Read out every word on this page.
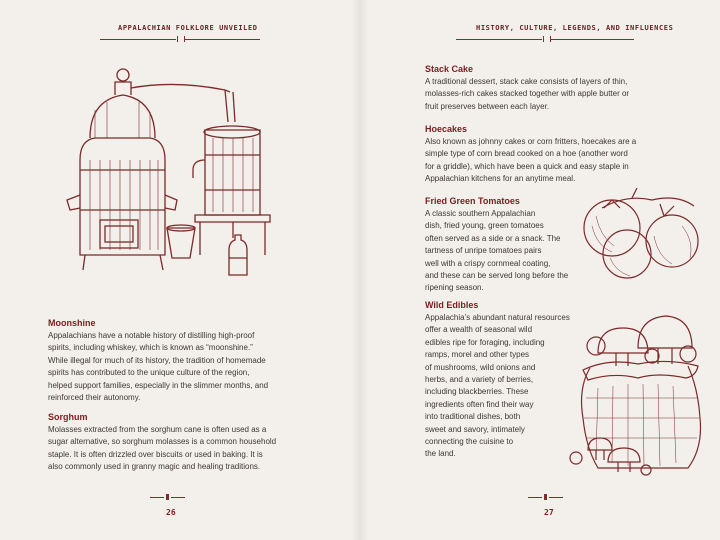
APPALACHIAN FOLKLORE UNVEILED
Moonshine
Appalachians have a notable history of distilling high-proof
spirits, including whiskey, which is known as “moonshine.”
While illegal for much of its history, the tradition of homemade
spirits has contributed to the unique culture of the region,
helped support families, especially in the slimmer months, and
reinforced their autonomy.
Sorghum
Molasses extracted from the sorghum cane is often used as a
sugar alternative, so sorghum molasses is a common household
staple. It is often drizzled over biscuits or used in baking. It is
also commonly used in granny magic and healing traditions.
26
HISTORY, CULTURE, LEGENDS, AND INFLUENCES
Stack Cake
A traditional dessert, stack cake consists of layers of thin,
molasses-rich cakes stacked together with apple butter or
fruit preserves between each layer.
Hoecakes
Also known as johnny cakes or corn fritters, hoecakes are a
simple type of corn bread cooked on a hoe (another word
for a griddle), which have been a quick and easy staple in
Appalachian kitchens for an anytime meal.
Fried Green Tomatoes
A classic southern Appalachian
dish, fried young, green tomatoes
often served as a side or a snack. The
tartness of unripe tomatoes pairs
well with a crispy cornmeal coating,
and these can be served long before the
ripening season.
Wild Edibles
Appalachia’s abundant natural resources
offer a wealth of seasonal wild
edibles ripe for foraging, including
ramps, morel and other types
of mushrooms, wild onions and
herbs, and a variety of berries,
including blackberries. These
ingredients often find their way
into traditional dishes, both
sweet and savory, intimately
connecting the cuisine to
the land.
27
